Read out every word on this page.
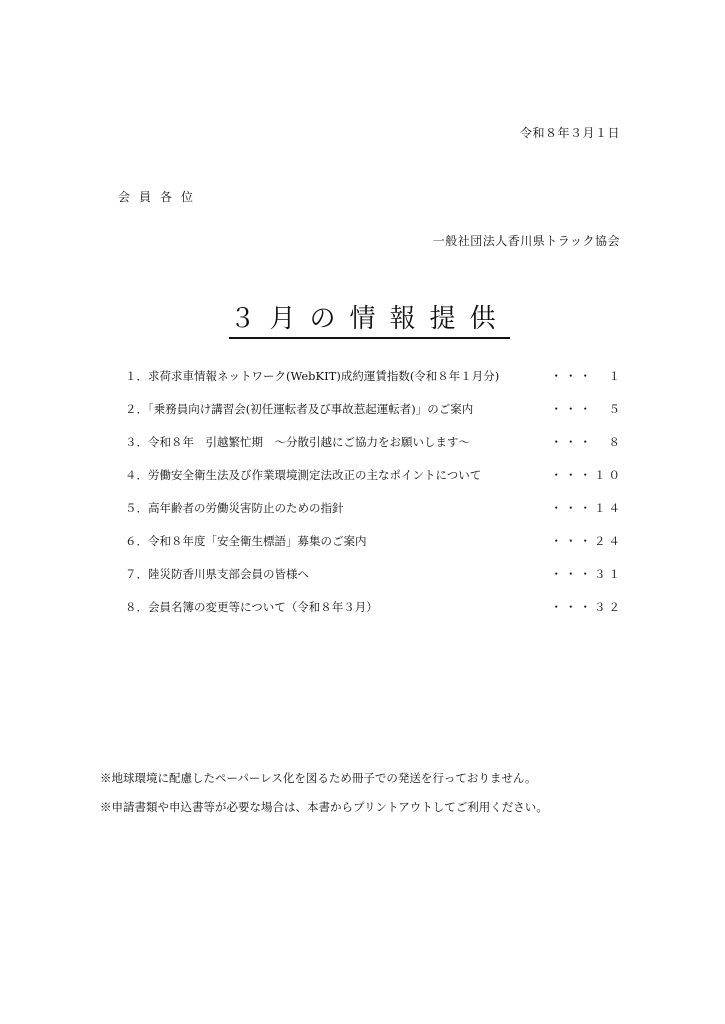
令和８年３月１日
会員各位
一般社団法人香川県トラック協会
３月の情報提供
１．求荷求車情報ネットワーク(WebKIT)成約運賃指数(令和８年１月分)	・・・　１
２．「乗務員向け講習会(初任運転者及び事故惹起運転者)」のご案内	・・・　５
３．令和８年　引越繁忙期　～分散引越にご協力をお願いします～	・・・　８
４．労働安全衛生法及び作業環境測定法改正の主なポイントについて	・・・１０
５．高年齢者の労働災害防止のための指針	・・・１４
６．令和８年度「安全衛生標語」募集のご案内	・・・２４
７．陸災防香川県支部会員の皆様へ	・・・３１
８．会員名簿の変更等について（令和８年３月）	・・・３２

※地球環境に配慮したペーパーレス化を図るため冊子での発送を行っておりません。

※申請書類や申込書等が必要な場合は、本書からプリントアウトしてご利用ください。
